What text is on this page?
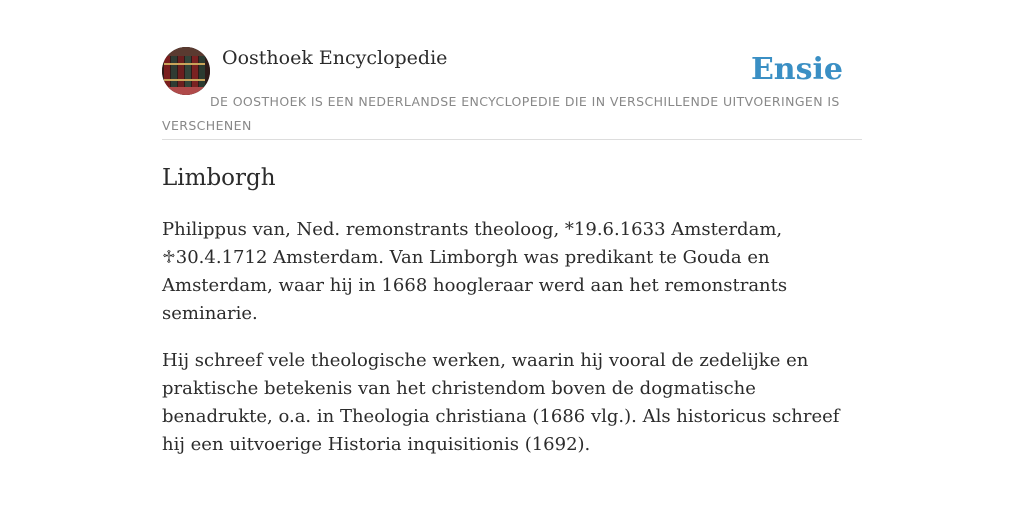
Oosthoek Encyclopedie	Ensie
DE OOSTHOEK IS EEN NEDERLANDSE ENCYCLOPEDIE DIE IN VERSCHILLENDE UITVOERINGEN IS VERSCHENEN
Limborgh

Philippus van, Ned. remonstrants theoloog, *19.6.1633 Amsterdam, ♱30.4.1712 Amsterdam. Van Limborgh was predikant te Gouda en Amsterdam, waar hij in 1668 hoogleraar werd aan het remonstrants seminarie.

Hij schreef vele theologische werken, waarin hij vooral de zedelijke en praktische betekenis van het christendom boven de dogmatische benadrukte, o.a. in Theologia christiana (1686 vlg.). Als historicus schreef hij een uitvoerige Historia inquisitionis (1692).
